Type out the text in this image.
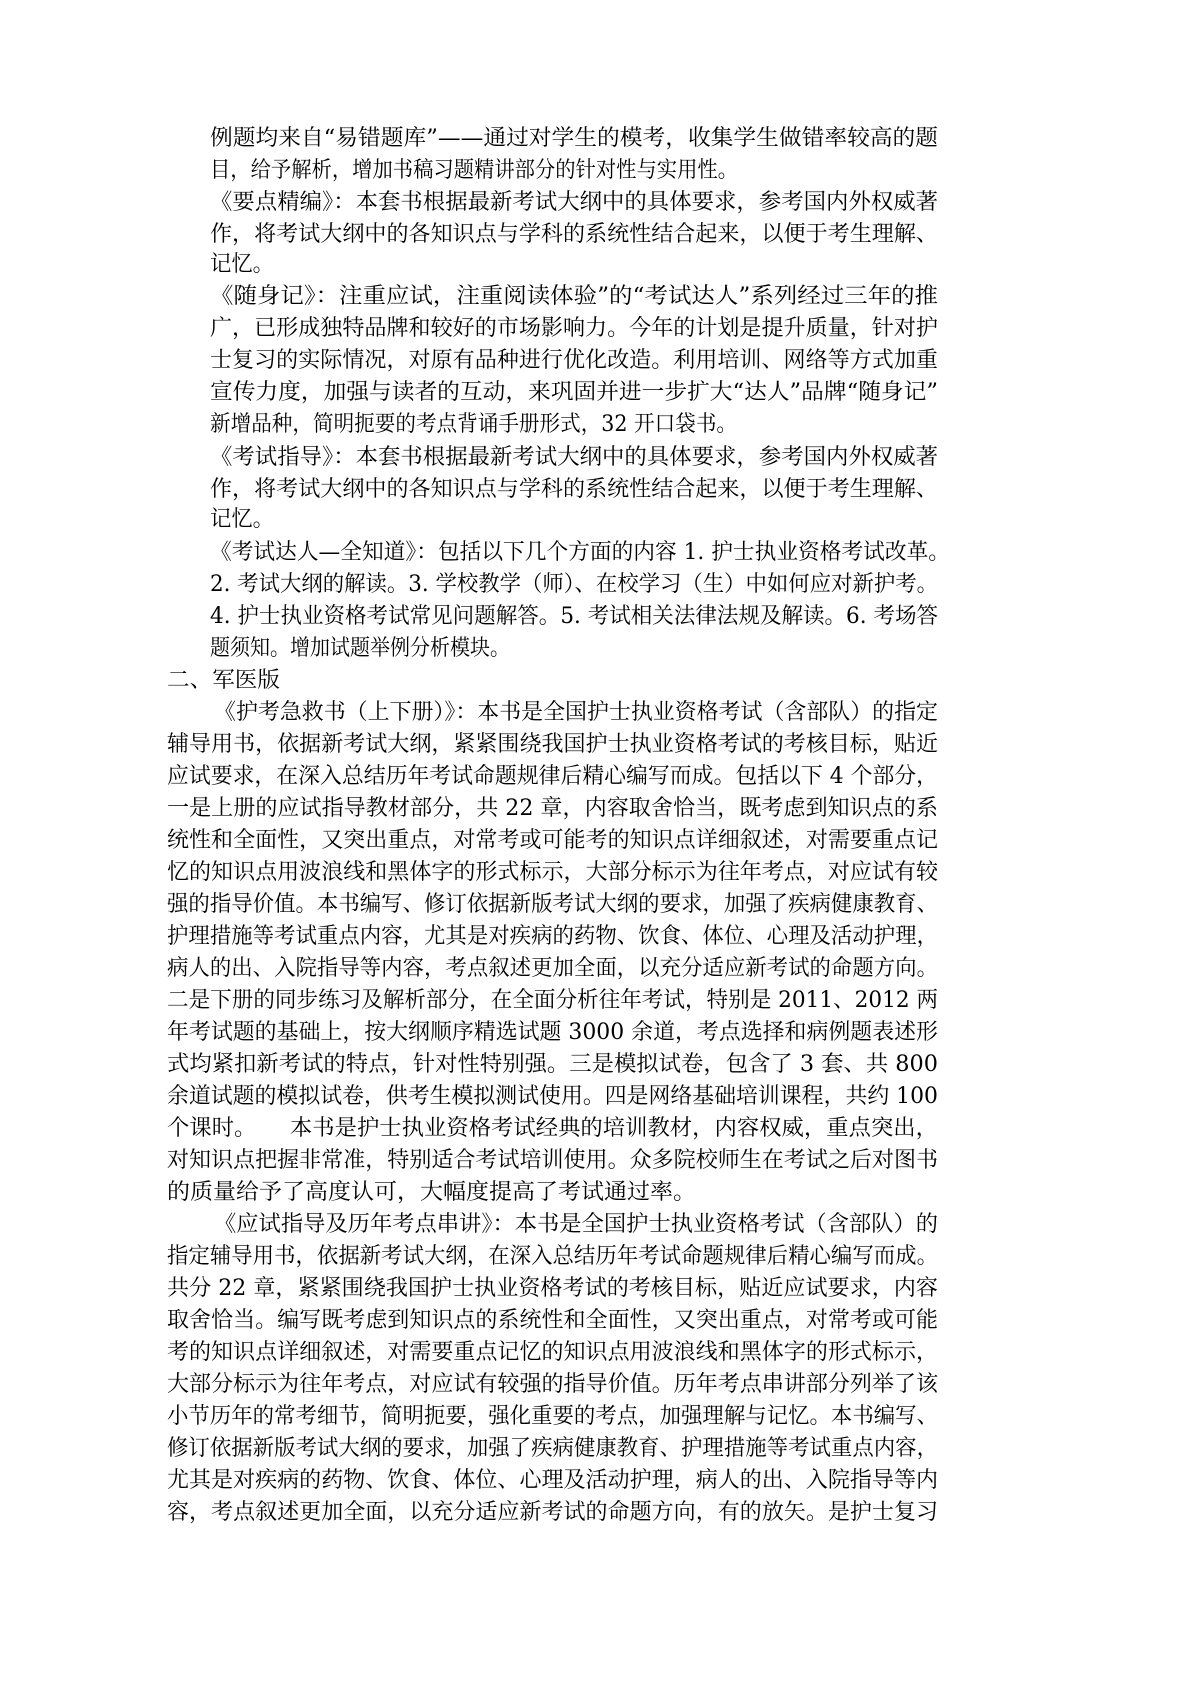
例题均来自“易错题库”——通过对学生的模考，收集学生做错率较高的题
目，给予解析，增加书稿习题精讲部分的针对性与实用性。
《要点精编》：本套书根据最新考试大纲中的具体要求，参考国内外权威著
作，将考试大纲中的各知识点与学科的系统性结合起来，以便于考生理解、
记忆。
《随身记》：注重应试，注重阅读体验”的“考试达人”系列经过三年的推
广，已形成独特品牌和较好的市场影响力。今年的计划是提升质量，针对护
士复习的实际情况，对原有品种进行优化改造。利用培训、网络等方式加重
宣传力度，加强与读者的互动，来巩固并进一步扩大“达人”品牌“随身记”
新增品种，简明扼要的考点背诵手册形式，32 开口袋书。
《考试指导》：本套书根据最新考试大纲中的具体要求，参考国内外权威著
作，将考试大纲中的各知识点与学科的系统性结合起来，以便于考生理解、
记忆。
《考试达人—全知道》：包括以下几个方面的内容 1. 护士执业资格考试改革。
2. 考试大纲的解读。3. 学校教学（师）、在校学习（生）中如何应对新护考。
4. 护士执业资格考试常见问题解答。5. 考试相关法律法规及解读。6. 考场答
题须知。增加试题举例分析模块。
二、军医版
《护考急救书（上下册）》：本书是全国护士执业资格考试（含部队）的指定
辅导用书，依据新考试大纲，紧紧围绕我国护士执业资格考试的考核目标，贴近
应试要求，在深入总结历年考试命题规律后精心编写而成。包括以下 4 个部分，
一是上册的应试指导教材部分，共 22 章，内容取舍恰当，既考虑到知识点的系
统性和全面性，又突出重点，对常考或可能考的知识点详细叙述，对需要重点记
忆的知识点用波浪线和黑体字的形式标示，大部分标示为往年考点，对应试有较
强的指导价值。本书编写、修订依据新版考试大纲的要求，加强了疾病健康教育、
护理措施等考试重点内容，尤其是对疾病的药物、饮食、体位、心理及活动护理，
病人的出、入院指导等内容，考点叙述更加全面，以充分适应新考试的命题方向。
二是下册的同步练习及解析部分，在全面分析往年考试，特别是 2011、2012 两
年考试题的基础上，按大纲顺序精选试题 3000 余道，考点选择和病例题表述形
式均紧扣新考试的特点，针对性特别强。三是模拟试卷，包含了 3 套、共 800
余道试题的模拟试卷，供考生模拟测试使用。四是网络基础培训课程，共约 100
个课时。　　本书是护士执业资格考试经典的培训教材，内容权威，重点突出，
对知识点把握非常准，特别适合考试培训使用。众多院校师生在考试之后对图书
的质量给予了高度认可，大幅度提高了考试通过率。
《应试指导及历年考点串讲》：本书是全国护士执业资格考试（含部队）的
指定辅导用书，依据新考试大纲，在深入总结历年考试命题规律后精心编写而成。
共分 22 章，紧紧围绕我国护士执业资格考试的考核目标，贴近应试要求，内容
取舍恰当。编写既考虑到知识点的系统性和全面性，又突出重点，对常考或可能
考的知识点详细叙述，对需要重点记忆的知识点用波浪线和黑体字的形式标示，
大部分标示为往年考点，对应试有较强的指导价值。历年考点串讲部分列举了该
小节历年的常考细节，简明扼要，强化重要的考点，加强理解与记忆。本书编写、
修订依据新版考试大纲的要求，加强了疾病健康教育、护理措施等考试重点内容，
尤其是对疾病的药物、饮食、体位、心理及活动护理，病人的出、入院指导等内
容，考点叙述更加全面，以充分适应新考试的命题方向，有的放矢。是护士复习
